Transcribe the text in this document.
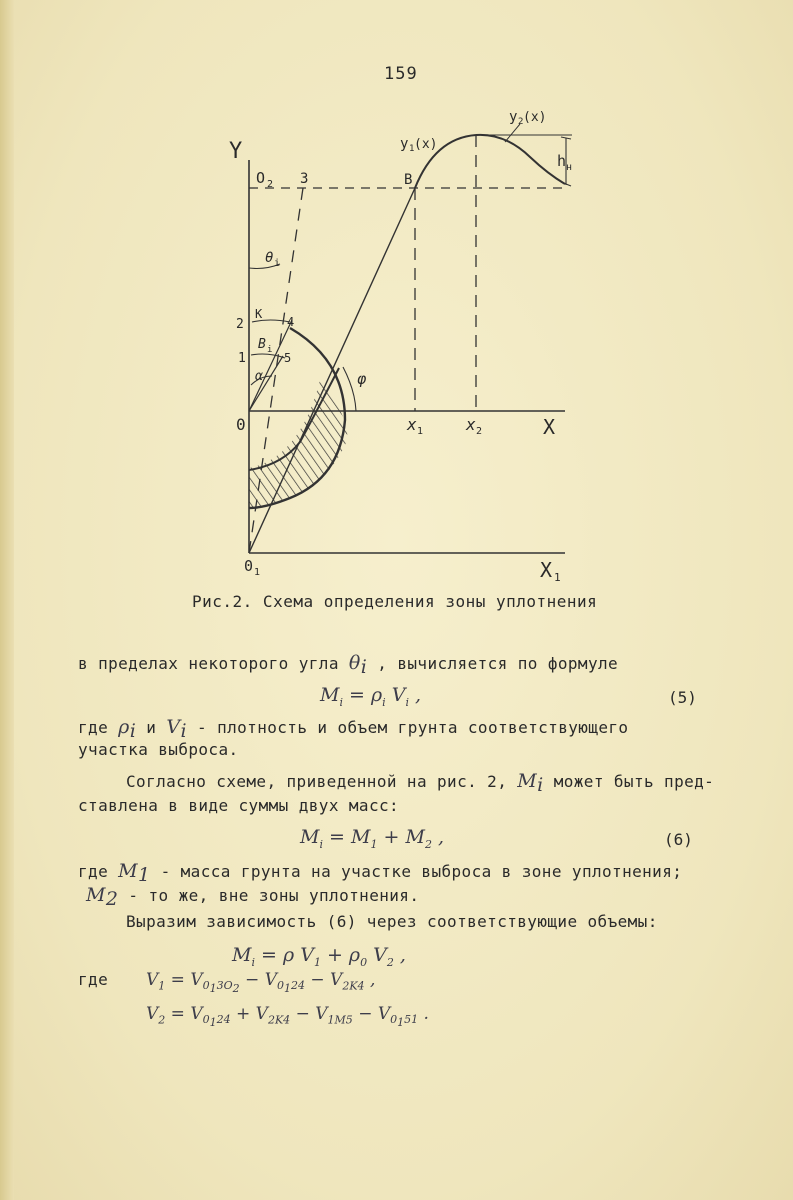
159
Y
X
X 1
0
0 1
O 2 3	B
θ i
K
4
2
1
B i
5
α	φ
x 1	x 2
y 1 (x)
y 2 (x)
h н
Рис.2. Схема определения зоны уплотнения
в пределах некоторого угла $\theta_i$ , вычисляется по формуле
$M_i = \rho_i$ $V_i$ ,	(5)
где $\rho_i$ и $V_i$ - плотность и объем грунта соответствующего
участка выброса.
Согласно схеме, приведенной на рис. 2, $M_i$ может быть пред-
ставлена в виде суммы двух масс:
$M_i = M_1 + M_2$ ,	(6)
где $M_1$ - масса грунта на участке выброса в зоне уплотнения;
$M_2$ - то же, вне зоны уплотнения.
Выразим зависимость (6) через соответствующие объемы:
$M_i = \rho$ $V_1 + \rho_0$ $V_2$ ,
где $V_1 = V_{0_13O_2} - V_{0_124} - V_{2K4}$ ,
$V_2 = V_{0_124} + V_{2K4} - V_{1M5} - V_{0_151}$ .
